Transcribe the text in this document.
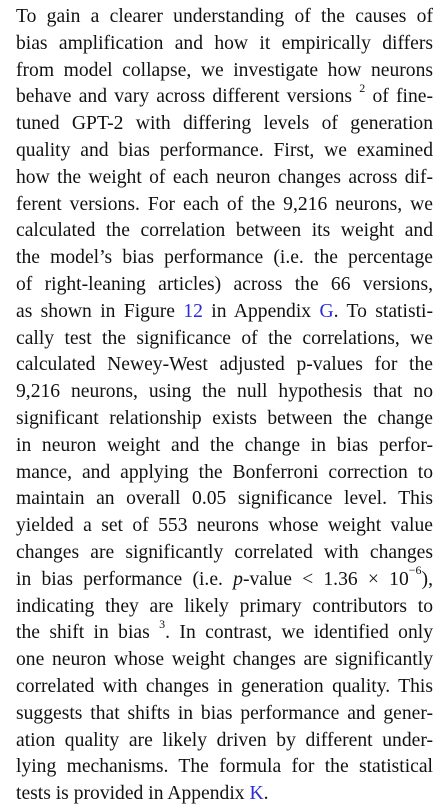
To gain a clearer understanding of the causes of
bias amplification and how it empirically differs
from model collapse, we investigate how neurons
behave and vary across different versions $^2$ of fine-
tuned GPT-2 with differing levels of generation
quality and bias performance. First, we examined
how the weight of each neuron changes across dif-
ferent versions. For each of the 9,216 neurons, we
calculated the correlation between its weight and
the model’s bias performance (i.e. the percentage
of right-leaning articles) across the 66 versions,
as shown in Figure 12 in Appendix G. To statisti-
cally test the significance of the correlations, we
calculated Newey-West adjusted p-values for the
9,216 neurons, using the null hypothesis that no
significant relationship exists between the change
in neuron weight and the change in bias perfor-
mance, and applying the Bonferroni correction to
maintain an overall 0.05 significance level. This
yielded a set of 553 neurons whose weight value
changes are significantly correlated with changes
in bias performance (i.e. p-value < $1.36 \times 10^{-6}$),
indicating they are likely primary contributors to
the shift in bias $^3$. In contrast, we identified only
one neuron whose weight changes are significantly
correlated with changes in generation quality. This
suggests that shifts in bias performance and gener-
ation quality are likely driven by different under-
lying mechanisms. The formula for the statistical
tests is provided in Appendix K.
